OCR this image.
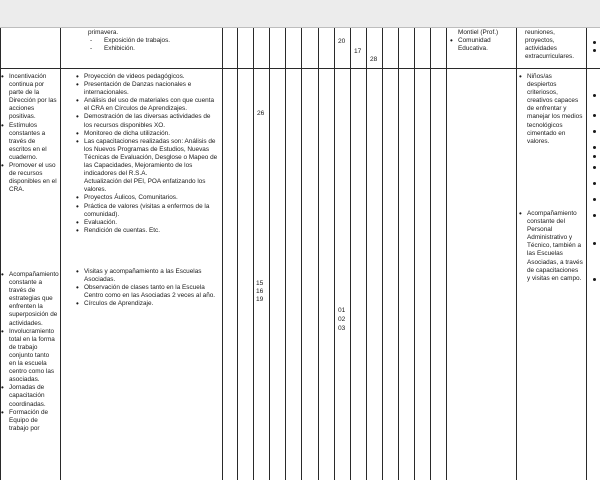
primavera.
- Exposición de trabajos.
- Exhibición.
20
17
28
Montiel (Prof.)
• Comunidad Educativa.
reuniones,
proyectos,
actividades
extracurriculares.
• Incentivación continua por parte de la Dirección por las acciones positivas.
• Estímulos constantes a través de escritos en el cuaderno.
• Promover el uso de recursos disponibles en el CRA.
• Proyección de videos pedagógicos.
• Presentación de Danzas nacionales e internacionales.
• Análisis del uso de materiales con que cuenta el CRA en Círculos de Aprendizajes.
• Demostración de las diversas actividades de los recursos disponibles XO.
• Monitoreo de dicha utilización.
• Las capacitaciones realizadas son: Análisis de los Nuevos Programas de Estudios, Nuevas Técnicas de Evaluación, Desglose o Mapeo de las Capacidades, Mejoramiento de los indicadores del R.S.A.
Actualización del PEI, POA enfatizando los valores.
• Proyectos Áulicos, Comunitarios.
• Práctica de valores (visitas a enfermos de la comunidad).
• Evaluación.
• Rendición de cuentas. Etc.
26
• Niños/as despiertos criteriosos, creativos capaces de enfrentar y manejar los medios tecnológicos cimentado en valores.
• Acompañamiento constante a través de estrategias que enfrenten la superposición de actividades.
• Involucramiento total en la forma de trabajo conjunto tanto en la escuela centro como las asociadas.
• Jornadas de capacitación coordinadas.
• Formación de Equipo de trabajo por
• Visitas y acompañamiento a las Escuelas Asociadas.
• Observación de clases tanto en la Escuela Centro como en las Asociadas 2 veces al año.
• Círculos de Aprendizaje.
15
16
19
01
02
03
• Acompañamiento constante del Personal Administrativo y Técnico, también a las Escuelas Asociadas, a través de capacitaciones y visitas en campo.
